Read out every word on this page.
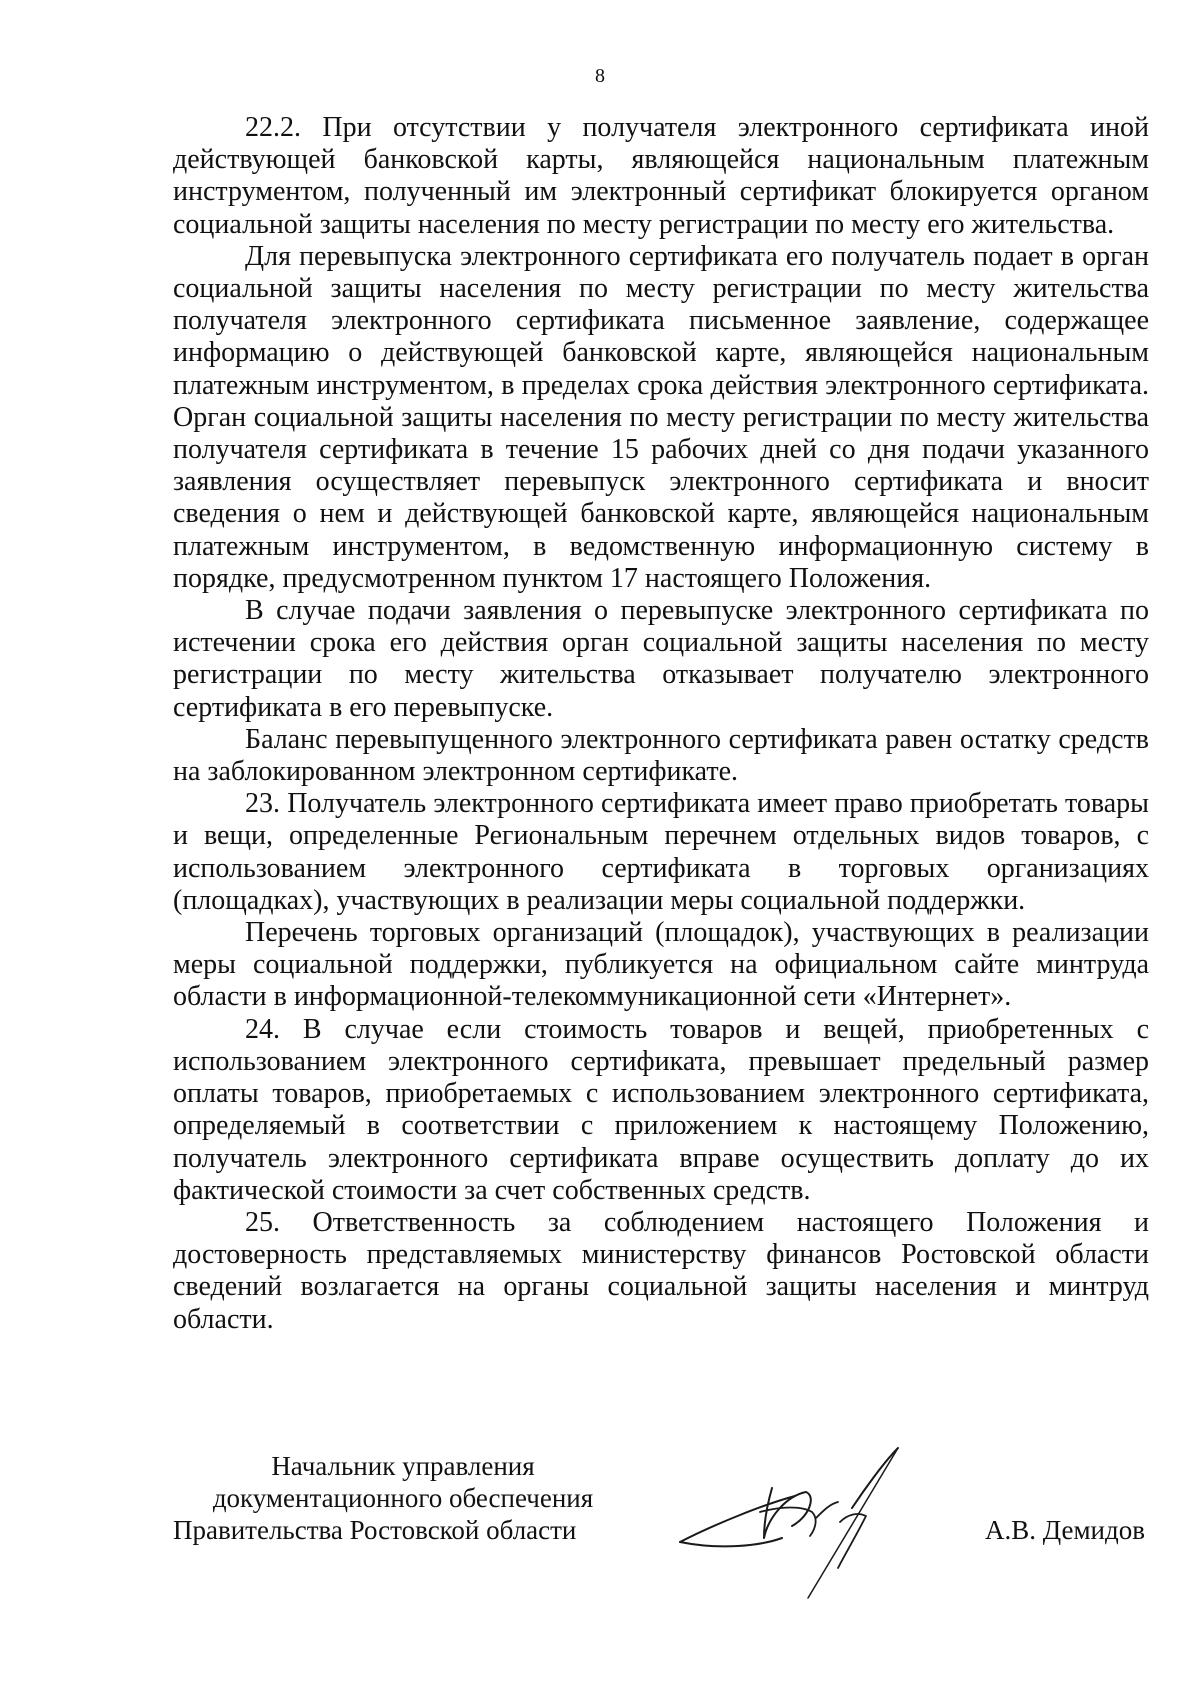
8

22.2. При отсутствии у получателя электронного сертификата иной действующей банковской карты, являющейся национальным платежным инструментом, полученный им электронный сертификат блокируется органом социальной защиты населения по месту регистрации по месту его жительства.

Для перевыпуска электронного сертификата его получатель подает в орган социальной защиты населения по месту регистрации по месту жительства получателя электронного сертификата письменное заявление, содержащее информацию о действующей банковской карте, являющейся национальным платежным инструментом, в пределах срока действия электронного сертификата. Орган социальной защиты населения по месту регистрации по месту жительства получателя сертификата в течение 15 рабочих дней со дня подачи указанного заявления осуществляет перевыпуск электронного сертификата и вносит сведения о нем и действующей банковской карте, являющейся национальным платежным инструментом, в ведомственную информационную систему в порядке, предусмотренном пунктом 17 настоящего Положения.

В случае подачи заявления о перевыпуске электронного сертификата по истечении срока его действия орган социальной защиты населения по месту регистрации по месту жительства отказывает получателю электронного сертификата в его перевыпуске.

Баланс перевыпущенного электронного сертификата равен остатку средств на заблокированном электронном сертификате.

23. Получатель электронного сертификата имеет право приобретать товары и вещи, определенные Региональным перечнем отдельных видов товаров, с использованием электронного сертификата в торговых организациях (площадках), участвующих в реализации меры социальной поддержки.

Перечень торговых организаций (площадок), участвующих в реализации меры социальной поддержки, публикуется на официальном сайте минтруда области в информационной-телекоммуникационной сети «Интернет».

24. В случае если стоимость товаров и вещей, приобретенных с использованием электронного сертификата, превышает предельный размер оплаты товаров, приобретаемых с использованием электронного сертификата, определяемый в соответствии с приложением к настоящему Положению, получатель электронного сертификата вправе осуществить доплату до их фактической стоимости за счет собственных средств.

25. Ответственность за соблюдением настоящего Положения и достоверность представляемых министерству финансов Ростовской области сведений возлагается на органы социальной защиты населения и минтруд области.

Начальник управления
документационного обеспечения
Правительства Ростовской области	А.В. Демидов
